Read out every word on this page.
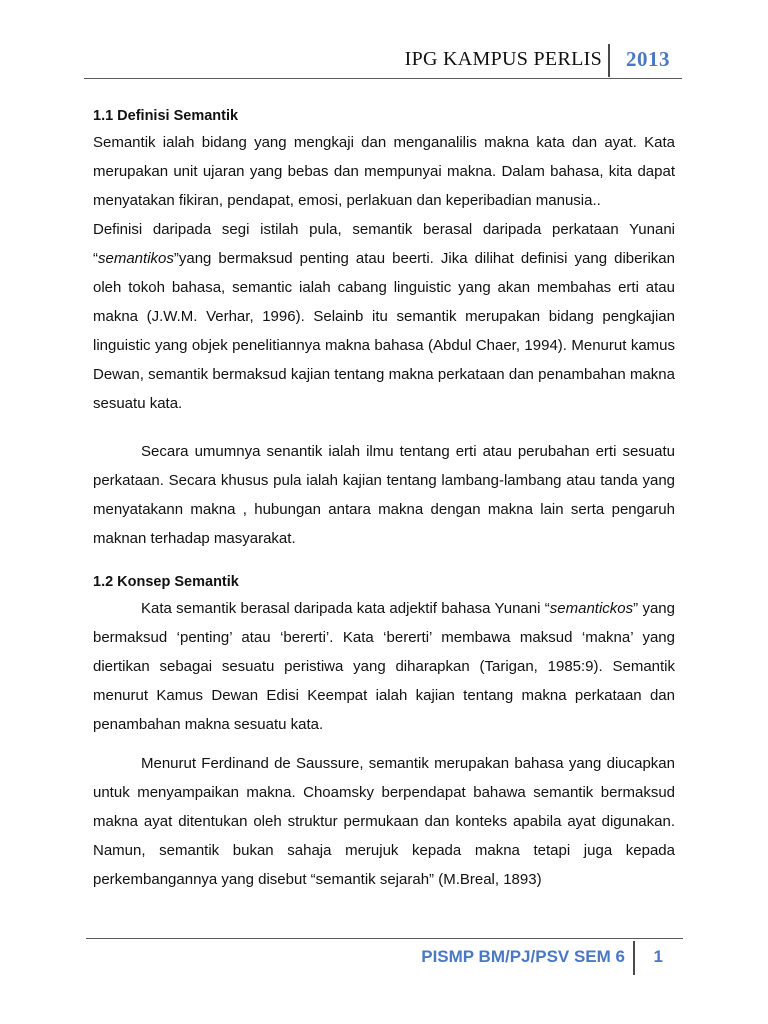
IPG KAMPUS PERLIS 2013
1.1 Definisi Semantik

Semantik ialah bidang yang mengkaji dan menganalilis makna kata dan ayat. Kata merupakan unit ujaran yang bebas dan mempunyai makna. Dalam bahasa, kita dapat menyatakan fikiran, pendapat, emosi, perlakuan dan keperibadian manusia..

Definisi daripada segi istilah pula, semantik berasal daripada perkataan Yunani “semantikos”yang bermaksud penting atau beerti. Jika dilihat definisi yang diberikan oleh tokoh bahasa, semantic ialah cabang linguistic yang akan membahas erti atau makna (J.W.M. Verhar, 1996). Selainb itu semantik merupakan bidang pengkajian linguistic yang objek penelitiannya makna bahasa (Abdul Chaer, 1994). Menurut kamus Dewan, semantik bermaksud kajian tentang makna perkataan dan penambahan makna sesuatu kata.

Secara umumnya senantik ialah ilmu tentang erti atau perubahan erti sesuatu perkataan. Secara khusus pula ialah kajian tentang lambang-lambang atau tanda yang menyatakann makna , hubungan antara makna dengan makna lain serta pengaruh maknan terhadap masyarakat.

1.2 Konsep Semantik

Kata semantik berasal daripada kata adjektif bahasa Yunani “semantickos” yang bermaksud ‘penting’ atau ‘bererti’. Kata ‘bererti’ membawa maksud ‘makna’ yang diertikan sebagai sesuatu peristiwa yang diharapkan (Tarigan, 1985:9). Semantik menurut Kamus Dewan Edisi Keempat ialah kajian tentang makna perkataan dan penambahan makna sesuatu kata.

Menurut Ferdinand de Saussure, semantik merupakan bahasa yang diucapkan untuk menyampaikan makna. Choamsky berpendapat bahawa semantik bermaksud makna ayat ditentukan oleh struktur permukaan dan konteks apabila ayat digunakan. Namun, semantik bukan sahaja merujuk kepada makna tetapi juga kepada perkembangannya yang disebut “semantik sejarah” (M.Breal, 1893)

PISMP BM/PJ/PSV SEM 6 1
